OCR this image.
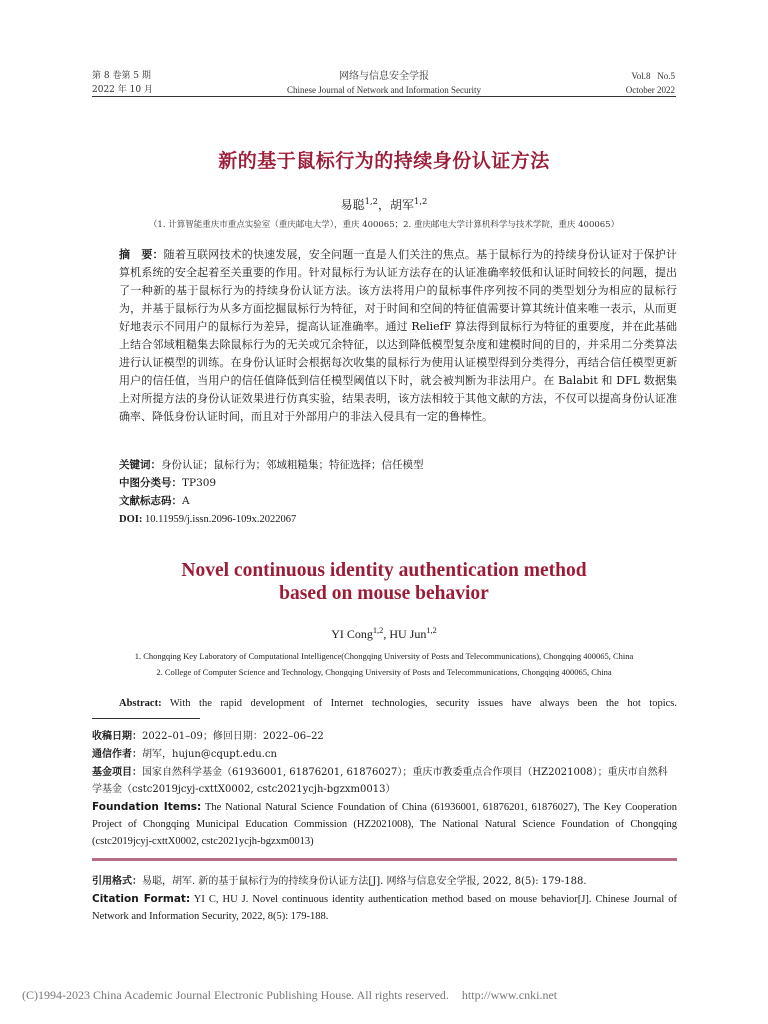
第 8 卷第 5 期
2022 年 10 月
网络与信息安全学报
Chinese Journal of Network and Information Security
Vol.8   No.5
October 2022
新的基于鼠标行为的持续身份认证方法
易聪$^{1,2}$，胡军$^{1,2}$
（1. 计算智能重庆市重点实验室（重庆邮电大学），重庆 400065；2. 重庆邮电大学计算机科学与技术学院，重庆 400065）
摘　要：随着互联网技术的快速发展，安全问题一直是人们关注的焦点。基于鼠标行为的持续身份认证对于保护计算机系统的安全起着至关重要的作用。针对鼠标行为认证方法存在的认证准确率较低和认证时间较长的问题，提出了一种新的基于鼠标行为的持续身份认证方法。该方法将用户的鼠标事件序列按不同的类型划分为相应的鼠标行为，并基于鼠标行为从多方面挖掘鼠标行为特征，对于时间和空间的特征值需要计算其统计值来唯一表示，从而更好地表示不同用户的鼠标行为差异，提高认证准确率。通过 ReliefF 算法得到鼠标行为特征的重要度，并在此基础上结合邻域粗糙集去除鼠标行为的无关或冗余特征，以达到降低模型复杂度和建模时间的目的，并采用二分类算法进行认证模型的训练。在身份认证时会根据每次收集的鼠标行为使用认证模型得到分类得分，再结合信任模型更新用户的信任值，当用户的信任值降低到信任模型阈值以下时，就会被判断为非法用户。在 Balabit 和 DFL 数据集上对所提方法的身份认证效果进行仿真实验，结果表明，该方法相较于其他文献的方法，不仅可以提高身份认证准确率、降低身份认证时间，而且对于外部用户的非法入侵具有一定的鲁棒性。
关键词：身份认证；鼠标行为；邻域粗糙集；特征选择；信任模型
中图分类号：TP309
文献标志码：A
DOI: 10.11959/j.issn.2096-109x.2022067
Novel continuous identity authentication method
based on mouse behavior
YI Cong$^{1,2}$, HU Jun$^{1,2}$
1. Chongqing Key Laboratory of Computational Intelligence(Chongqing University of Posts and Telecommunications), Chongqing 400065, China
2. College of Computer Science and Technology, Chongqing University of Posts and Telecommunications, Chongqing 400065, China
Abstract: With the rapid development of Internet technologies, security issues have always been the hot topics.
收稿日期：2022–01–09；修回日期：2022–06–22
通信作者：胡军，hujun@cqupt.edu.cn
基金项目：国家自然科学基金（61936001, 61876201, 61876027）；重庆市教委重点合作项目（HZ2021008）；重庆市自然科学基金（cstc2019jcyj-cxttX0002, cstc2021ycjh-bgzxm0013）
Foundation Items: The National Natural Science Foundation of China (61936001, 61876201, 61876027), The Key Cooperation Project of Chongqing Municipal Education Commission (HZ2021008), The National Natural Science Foundation of Chongqing (cstc2019jcyj-cxttX0002, cstc2021ycjh-bgzxm0013)
引用格式：易聪，胡军. 新的基于鼠标行为的持续身份认证方法[J]. 网络与信息安全学报, 2022, 8(5): 179-188.
Citation Format: YI C, HU J. Novel continuous identity authentication method based on mouse behavior[J]. Chinese Journal of Network and Information Security, 2022, 8(5): 179-188.
(C)1994-2023 China Academic Journal Electronic Publishing House. All rights reserved. http://www.cnki.net
